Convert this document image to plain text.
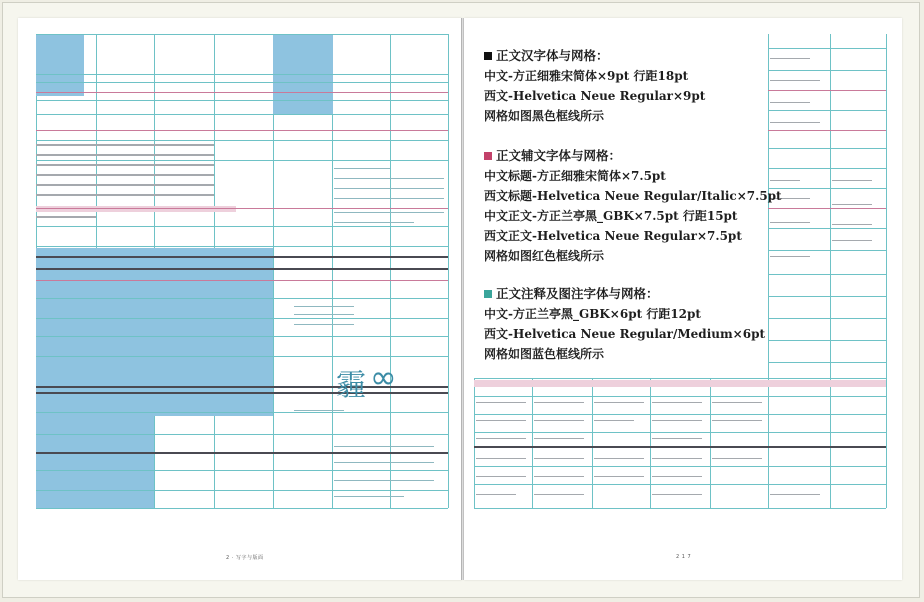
霾 ∞
2 · 写字与版面
正文汉字体与网格：
中文-方正细雅宋简体×9pt 行距18pt
西文-Helvetica Neue Regular×9pt
网格如图黑色框线所示
正文辅文字体与网格：
中文标题-方正细雅宋简体×7.5pt
西文标题-Helvetica Neue Regular/Italic×7.5pt
中文正文-方正兰亭黑_GBK×7.5pt 行距15pt
西文正文-Helvetica Neue Regular×7.5pt
网格如图红色框线所示
正文注释及图注字体与网格：
中文-方正兰亭黑_GBK×6pt 行距12pt
西文-Helvetica Neue Regular/Medium×6pt
网格如图蓝色框线所示
2 1 7
